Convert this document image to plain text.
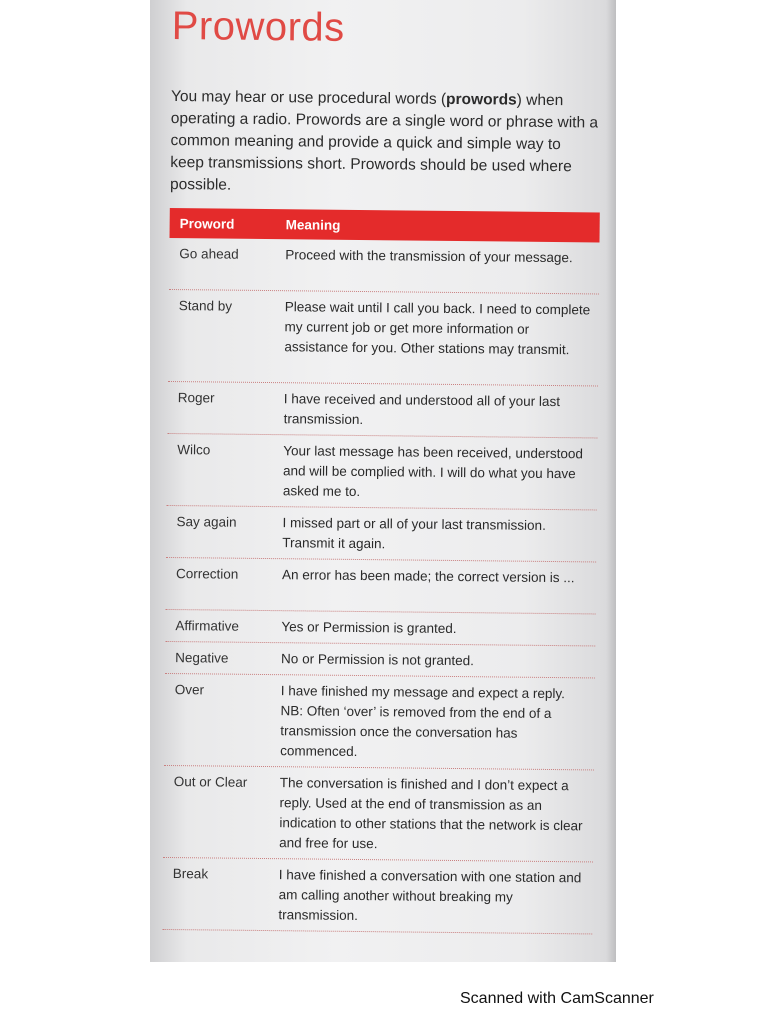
Prowords

You may hear or use procedural words (prowords) when operating a radio. Prowords are a single word or phrase with a common meaning and provide a quick and simple way to keep transmissions short. Prowords should be used where possible.

Proword	Meaning
Go ahead	Proceed with the transmission of your message.
Stand by	Please wait until I call you back. I need to complete my current job or get more information or assistance for you. Other stations may transmit.
Roger	I have received and understood all of your last transmission.
Wilco	Your last message has been received, understood and will be complied with. I will do what you have asked me to.
Say again	I missed part or all of your last transmission. Transmit it again.
Correction	An error has been made; the correct version is ...
Affirmative	Yes or Permission is granted.
Negative	No or Permission is not granted.
Over	I have finished my message and expect a reply. NB: Often ‘over’ is removed from the end of a transmission once the conversation has commenced.
Out or Clear	The conversation is finished and I don’t expect a reply. Used at the end of transmission as an indication to other stations that the network is clear and free for use.
Break	I have finished a conversation with one station and am calling another without breaking my transmission.
Scanned with CamScanner
